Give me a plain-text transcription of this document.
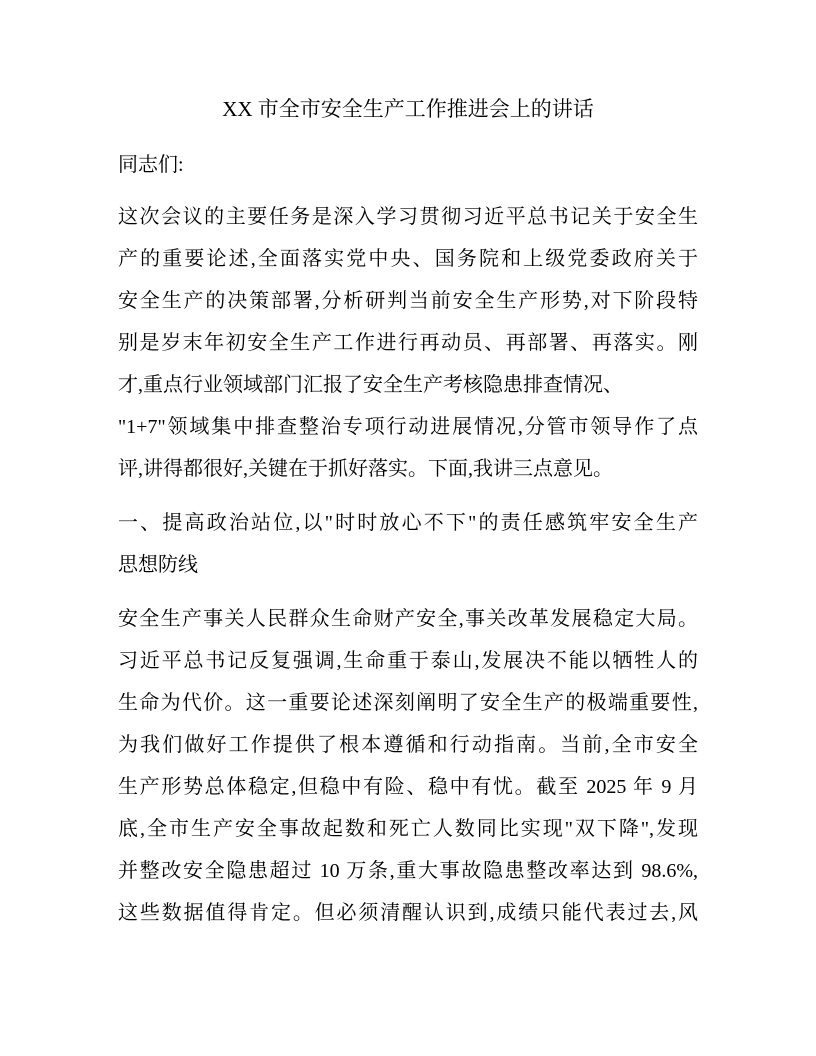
XX 市全市安全生产工作推进会上的讲话

同志们:

这次会议的主要任务是深入学习贯彻习近平总书记关于安全生
产的重要论述,全面落实党中央、国务院和上级党委政府关于
安全生产的决策部署,分析研判当前安全生产形势,对下阶段特
别是岁末年初安全生产工作进行再动员、再部署、再落实。刚
才,重点行业领域部门汇报了安全生产考核隐患排查情况、
"1+7"领域集中排查整治专项行动进展情况,分管市领导作了点
评,讲得都很好,关键在于抓好落实。下面,我讲三点意见。
一、提高政治站位,以"时时放心不下"的责任感筑牢安全生产
思想防线
安全生产事关人民群众生命财产安全,事关改革发展稳定大局。
习近平总书记反复强调,生命重于泰山,发展决不能以牺牲人的
生命为代价。这一重要论述深刻阐明了安全生产的极端重要性,
为我们做好工作提供了根本遵循和行动指南。当前,全市安全
生产形势总体稳定,但稳中有险、稳中有忧。截至 2025 年 9 月
底,全市生产安全事故起数和死亡人数同比实现"双下降",发现
并整改安全隐患超过 10 万条,重大事故隐患整改率达到 98.6%,
这些数据值得肯定。但必须清醒认识到,成绩只能代表过去,风
